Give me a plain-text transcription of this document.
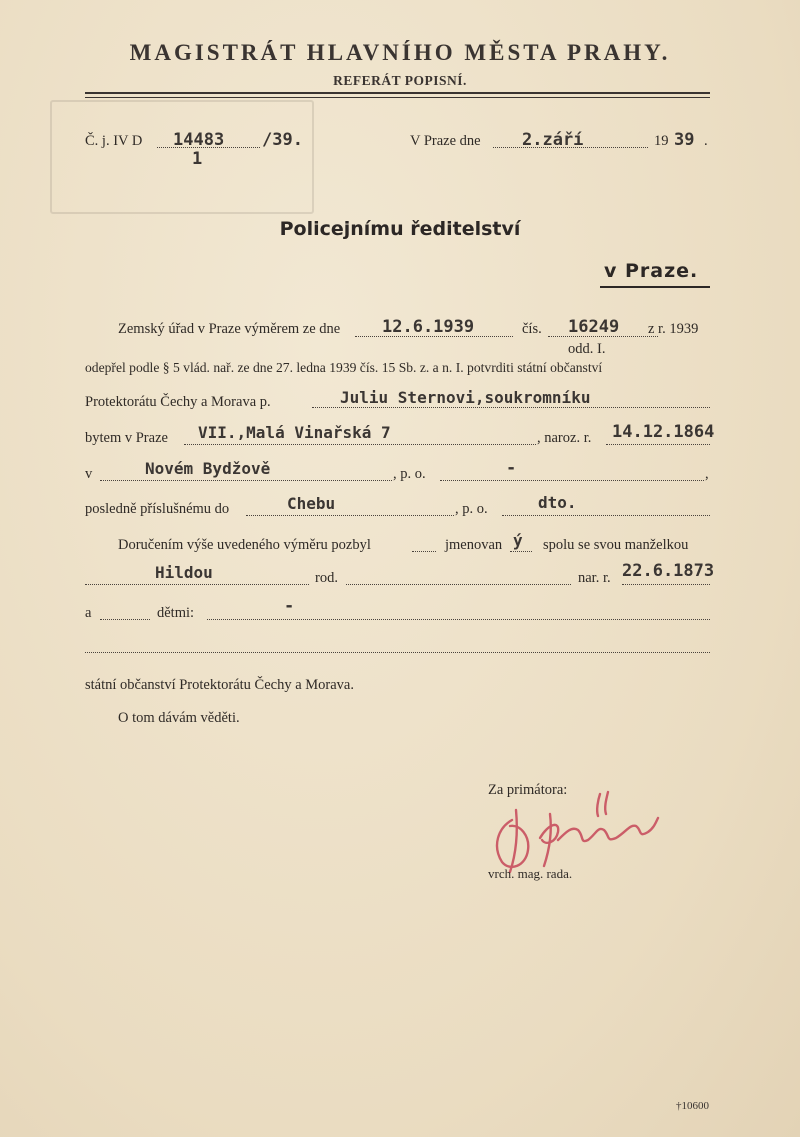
MAGISTRÁT HLAVNÍHO MĚSTA PRAHY.
REFERÁT POPISNÍ.
Č. j. IV D 14483
1
/39.	V Praze dne 2.září	19 39 .
Policejnímu ředitelství
v Praze.
Zemský úřad v Praze výměrem ze dne 12.6.1939	čís. 16249 z r. 1939
odd. I.
odepřel podle § 5 vlád. nař. ze dne 27. ledna 1939 čís. 15 Sb. z. a n. I. potvrditi státní občanství
Protektorátu Čechy a Morava p.	Juliu Sternovi,soukromníku
bytem v Praze VII.,Malá Vinařská 7	, naroz. r. 14.12.1864
v	Novém Bydžově	, p. o.	-	,
posledně příslušnému do	Chebu	, p. o.	dto.
Doručením výše uvedeného výměru pozbyl	jmenovan ý spolu se svou manželkou
Hildou	rod.	nar. r. 22.6.1873
a	dětmi:	-
státní občanství Protektorátu Čechy a Morava.
O tom dávám věděti.
Za primátora:
vrch. mag. rada.
†10600
